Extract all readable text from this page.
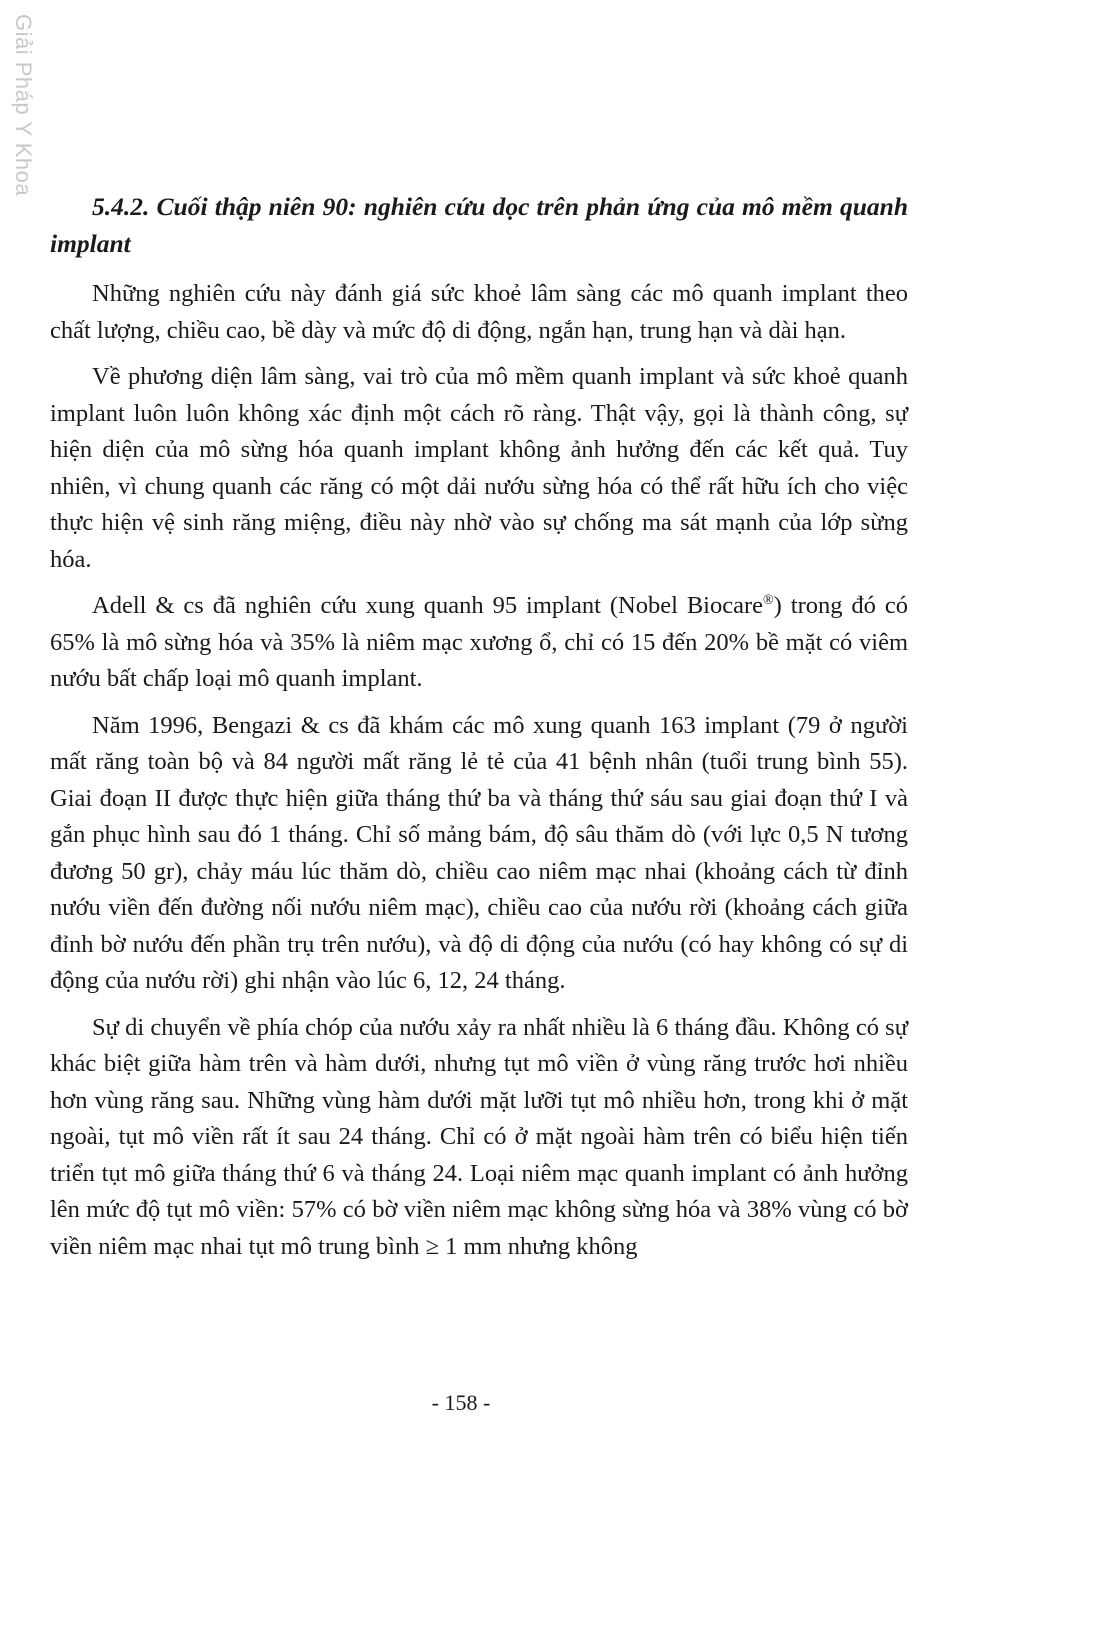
Giải Pháp Y Khoa

5.4.2. Cuối thập niên 90: nghiên cứu dọc trên phản ứng của mô mềm quanh implant

Những nghiên cứu này đánh giá sức khoẻ lâm sàng các mô quanh implant theo chất lượng, chiều cao, bề dày và mức độ di động, ngắn hạn, trung hạn và dài hạn.

Về phương diện lâm sàng, vai trò của mô mềm quanh implant và sức khoẻ quanh implant luôn luôn không xác định một cách rõ ràng. Thật vậy, gọi là thành công, sự hiện diện của mô sừng hóa quanh implant không ảnh hưởng đến các kết quả. Tuy nhiên, vì chung quanh các răng có một dải nướu sừng hóa có thể rất hữu ích cho việc thực hiện vệ sinh răng miệng, điều này nhờ vào sự chống ma sát mạnh của lớp sừng hóa.

Adell & cs đã nghiên cứu xung quanh 95 implant (Nobel Biocare®) trong đó có 65% là mô sừng hóa và 35% là niêm mạc xương ổ, chỉ có 15 đến 20% bề mặt có viêm nướu bất chấp loại mô quanh implant.

Năm 1996, Bengazi & cs đã khám các mô xung quanh 163 implant (79 ở người mất răng toàn bộ và 84 người mất răng lẻ tẻ của 41 bệnh nhân (tuổi trung bình 55). Giai đoạn II được thực hiện giữa tháng thứ ba và tháng thứ sáu sau giai đoạn thứ I và gắn phục hình sau đó 1 tháng. Chỉ số mảng bám, độ sâu thăm dò (với lực 0,5 N tương đương 50 gr), chảy máu lúc thăm dò, chiều cao niêm mạc nhai (khoảng cách từ đỉnh nướu viền đến đường nối nướu niêm mạc), chiều cao của nướu rời (khoảng cách giữa đỉnh bờ nướu đến phần trụ trên nướu), và độ di động của nướu (có hay không có sự di động của nướu rời) ghi nhận vào lúc 6, 12, 24 tháng.

Sự di chuyển về phía chóp của nướu xảy ra nhất nhiều là 6 tháng đầu. Không có sự khác biệt giữa hàm trên và hàm dưới, nhưng tụt mô viền ở vùng răng trước hơi nhiều hơn vùng răng sau. Những vùng hàm dưới mặt lưỡi tụt mô nhiều hơn, trong khi ở mặt ngoài, tụt mô viền rất ít sau 24 tháng. Chỉ có ở mặt ngoài hàm trên có biểu hiện tiến triển tụt mô giữa tháng thứ 6 và tháng 24. Loại niêm mạc quanh implant có ảnh hưởng lên mức độ tụt mô viền: 57% có bờ viền niêm mạc không sừng hóa và 38% vùng có bờ viền niêm mạc nhai tụt mô trung bình ≥ 1 mm nhưng không

- 158 -
